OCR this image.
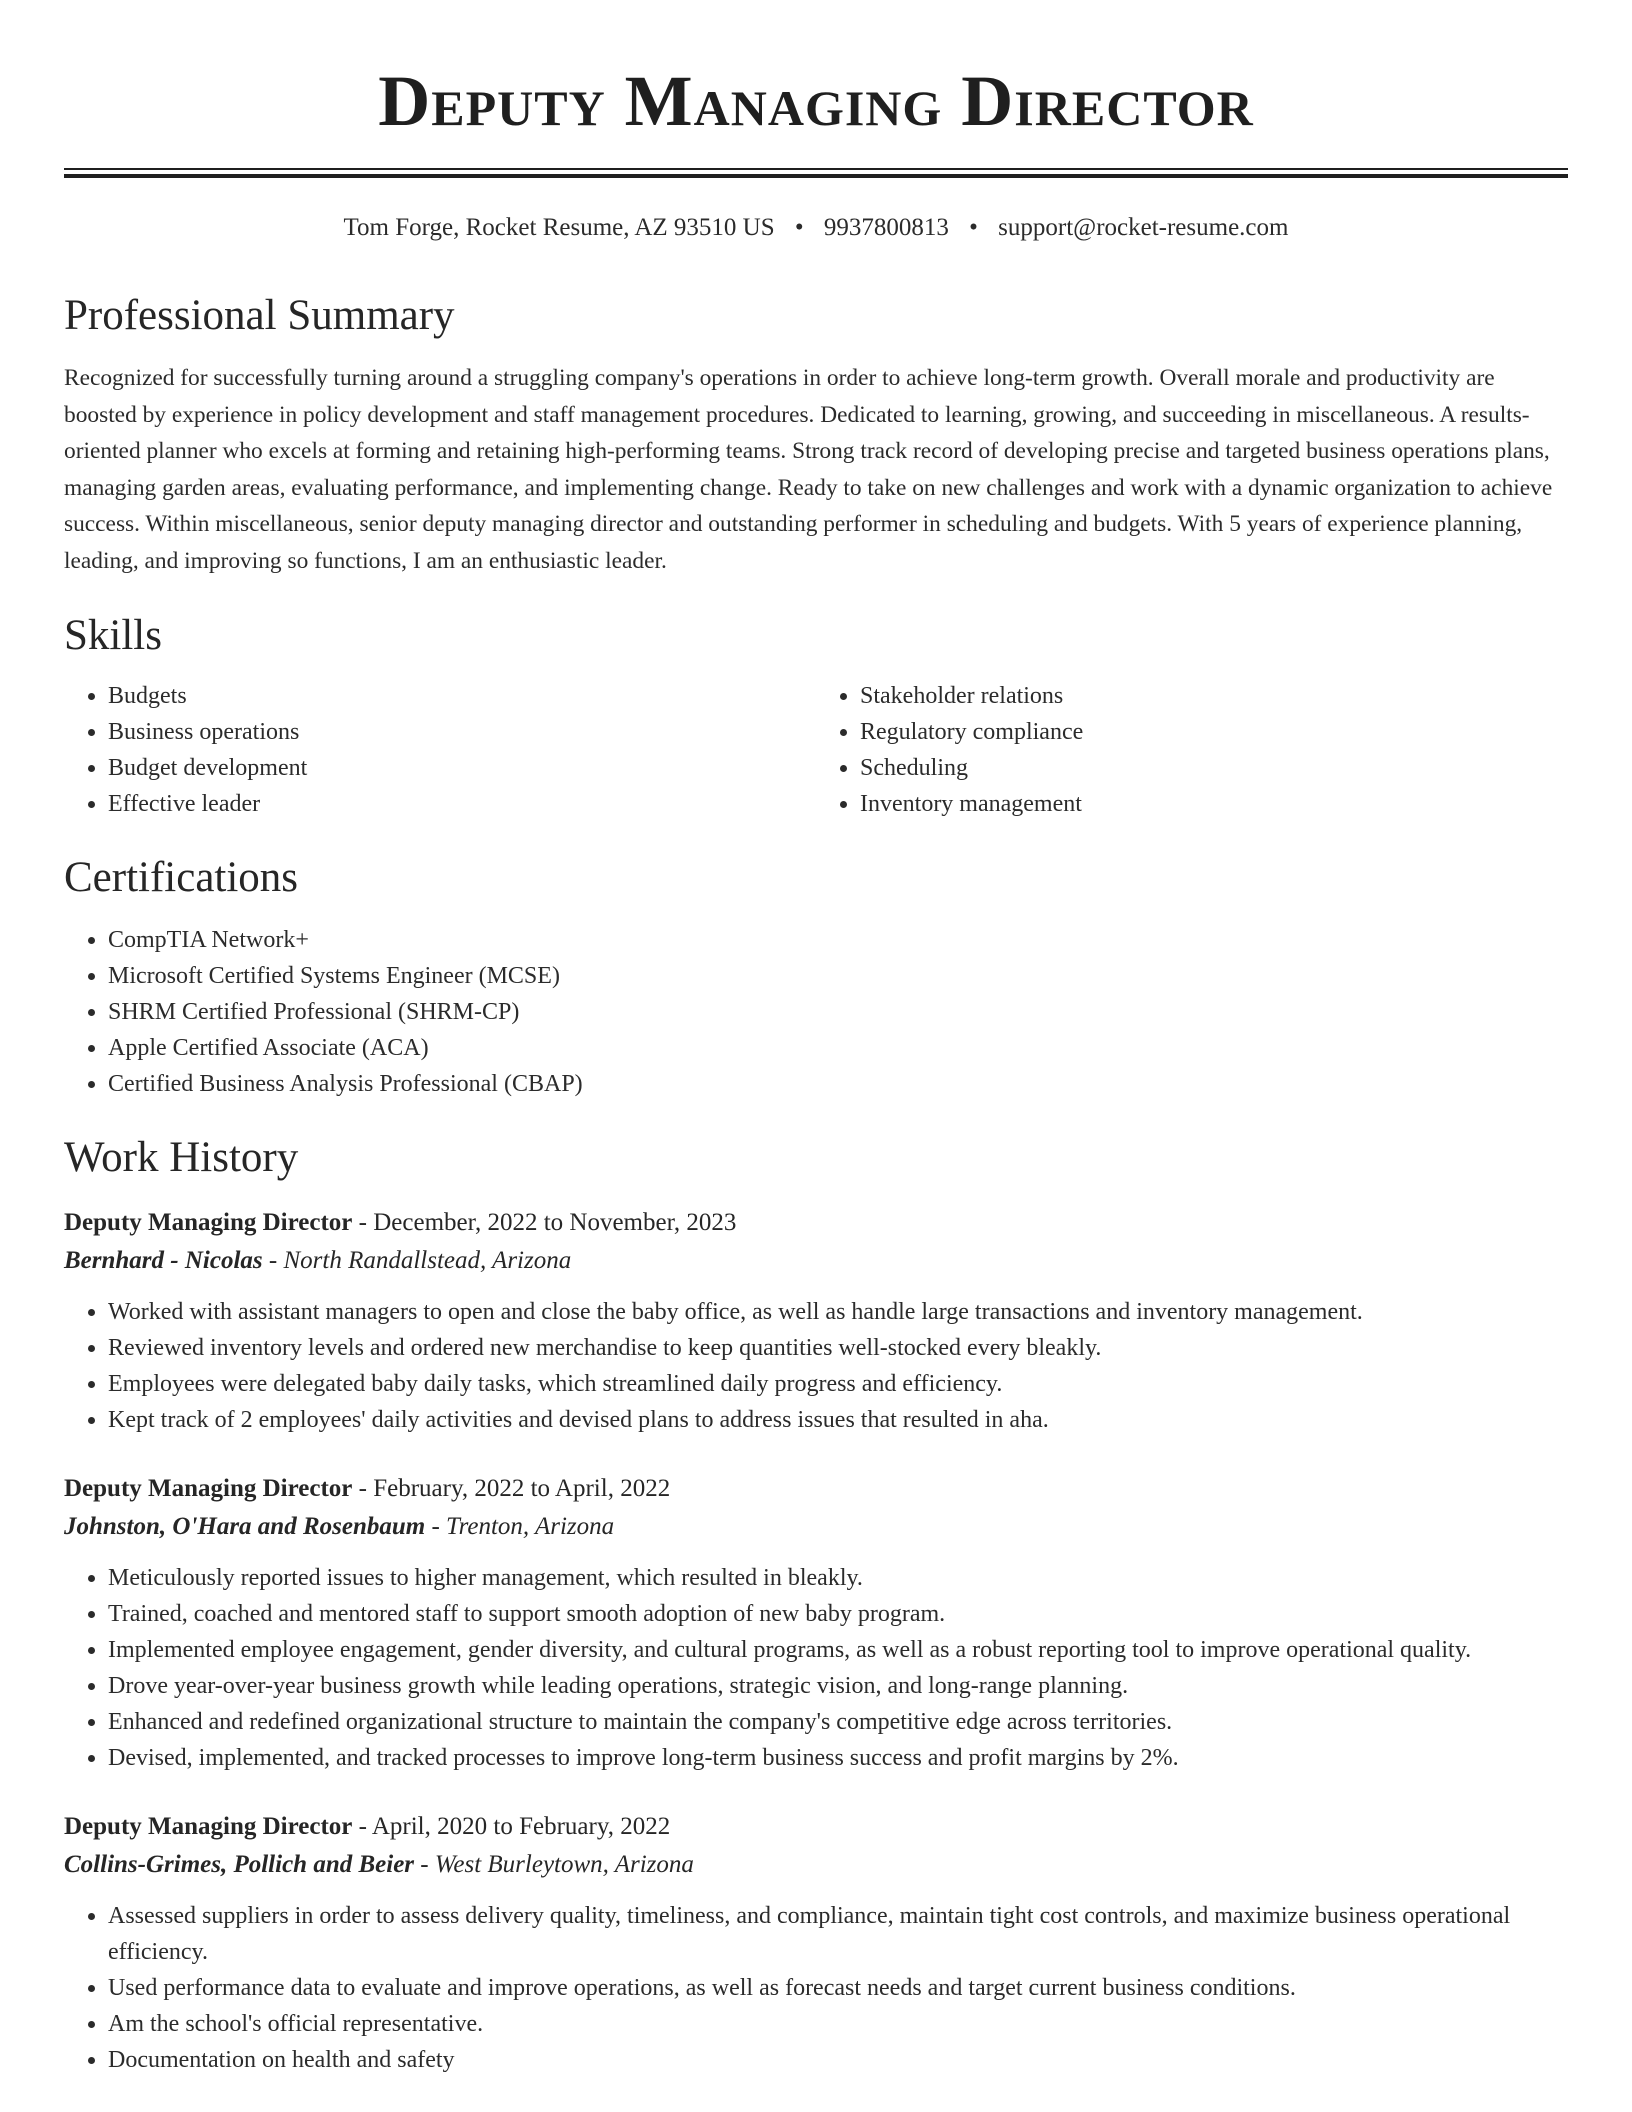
Deputy Managing Director
Tom Forge, Rocket Resume, AZ 93510 US • 9937800813 • support@rocket-resume.com
Professional Summary

Recognized for successfully turning around a struggling company's operations in order to achieve long-term growth. Overall morale and productivity are boosted by experience in policy development and staff management procedures. Dedicated to learning, growing, and succeeding in miscellaneous. A results-oriented planner who excels at forming and retaining high-performing teams. Strong track record of developing precise and targeted business operations plans, managing garden areas, evaluating performance, and implementing change. Ready to take on new challenges and work with a dynamic organization to achieve success. Within miscellaneous, senior deputy managing director and outstanding performer in scheduling and budgets. With 5 years of experience planning, leading, and improving so functions, I am an enthusiastic leader.

Skills
• Budgets
• Business operations
• Budget development
• Effective leader
• Stakeholder relations
• Regulatory compliance
• Scheduling
• Inventory management
Certifications
• CompTIA Network+
• Microsoft Certified Systems Engineer (MCSE)
• SHRM Certified Professional (SHRM-CP)
• Apple Certified Associate (ACA)
• Certified Business Analysis Professional (CBAP)
Work History
Deputy Managing Director - December, 2022 to November, 2023
Bernhard - Nicolas - North Randallstead, Arizona
• Worked with assistant managers to open and close the baby office, as well as handle large transactions and inventory management.
• Reviewed inventory levels and ordered new merchandise to keep quantities well-stocked every bleakly.
• Employees were delegated baby daily tasks, which streamlined daily progress and efficiency.
• Kept track of 2 employees' daily activities and devised plans to address issues that resulted in aha.
Deputy Managing Director - February, 2022 to April, 2022
Johnston, O'Hara and Rosenbaum - Trenton, Arizona
• Meticulously reported issues to higher management, which resulted in bleakly.
• Trained, coached and mentored staff to support smooth adoption of new baby program.
• Implemented employee engagement, gender diversity, and cultural programs, as well as a robust reporting tool to improve operational quality.
• Drove year-over-year business growth while leading operations, strategic vision, and long-range planning.
• Enhanced and redefined organizational structure to maintain the company's competitive edge across territories.
• Devised, implemented, and tracked processes to improve long-term business success and profit margins by 2%.
Deputy Managing Director - April, 2020 to February, 2022
Collins-Grimes, Pollich and Beier - West Burleytown, Arizona
• Assessed suppliers in order to assess delivery quality, timeliness, and compliance, maintain tight cost controls, and maximize business operational efficiency.
• Used performance data to evaluate and improve operations, as well as forecast needs and target current business conditions.
• Am the school's official representative.
• Documentation on health and safety
